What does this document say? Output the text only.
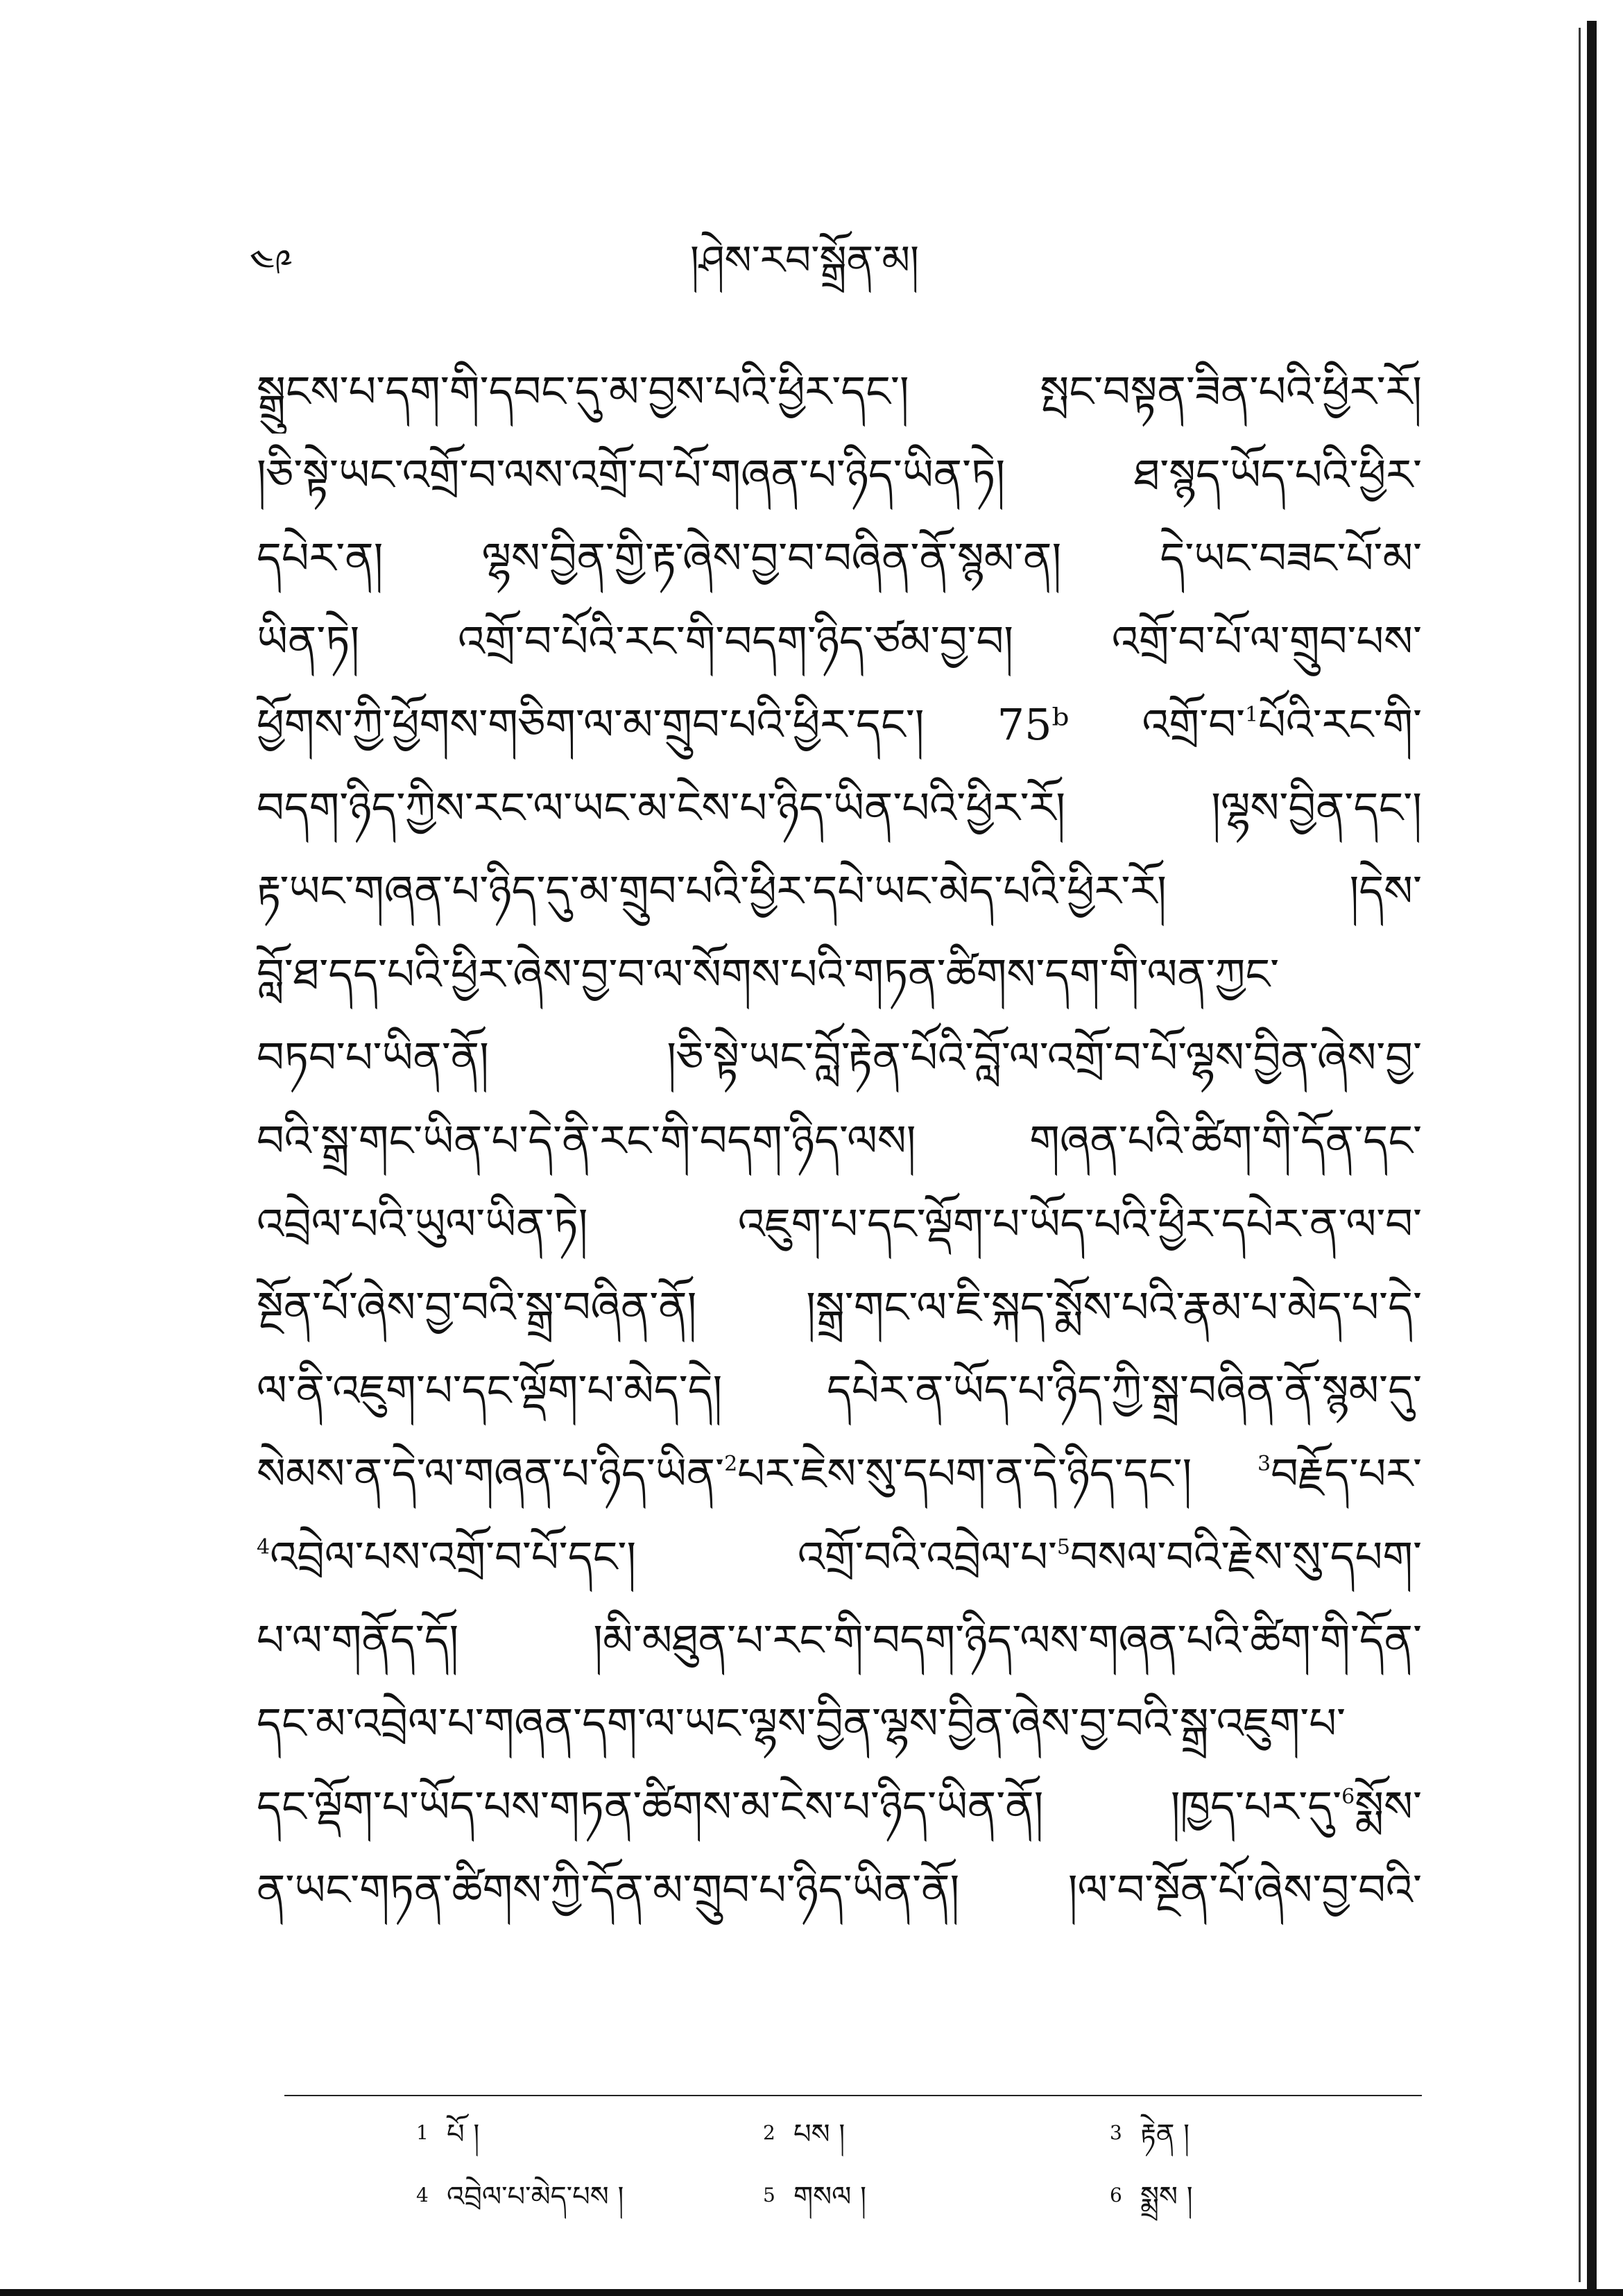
༤༩	།ཤེས་རབ་སྒྲོན་མ།
སྒྲུངས་པ་དག་གི་དབང་དུ་མ་བྱས་པའི་ཕྱིར་དང་། སྤང་བསྟན་ཟིན་པའི་ཕྱིར་རོ།
།ཅི་སྟེ་ཡང་འགྲོ་བ་ལས་འགྲོ་བ་པོ་གཞན་པ་ཉིད་ཡིན་ཏེ། ཐ་སྙད་ཡོད་པའི་ཕྱིར་
དཔེར་ན། ལྷས་བྱིན་གྱི་རྟ་ཞེས་བྱ་བ་བཞིན་ནོ་སྙམ་ན། དེ་ཡང་བཟང་པོ་མ་
ཡིན་ཏེ། འགྲོ་བ་པོའི་རང་གི་བདག་ཉིད་ཙམ་བྱ་བ། འགྲོ་བ་པོ་ལ་གྲུབ་པས་
ཕྱོགས་ཀྱི་ཕྱོགས་གཅིག་ལ་མ་གྲུབ་པའི་ཕྱིར་དང་། 75ᵇ འགྲོ་བ་$^1$པོའི་རང་གི་
བདག་ཉིད་ཀྱིས་རང་ལ་ཡང་མ་ངེས་པ་ཉིད་ཡིན་པའི་ཕྱིར་རོ། །ལྷས་བྱིན་དང་།
རྟ་ཡང་གཞན་པ་ཉིད་དུ་མ་གྲུབ་པའི་ཕྱིར་དཔེ་ཡང་མེད་པའི་ཕྱིར་རོ། །དེས་
བློ་ཐ་དད་པའི་ཕྱིར་ཞེས་བྱ་བ་ལ་སོགས་པའི་གཏན་ཚིགས་དག་གི་ལན་ཀྱང་
བཏབ་པ་ཡིན་ནོ། །ཅི་སྟེ་ཡང་བློ་རྟེན་པོའི་བློ་ལ་འགྲོ་བ་པོ་ལྷས་བྱིན་ཞེས་བྱ་
བའི་སྒྲ་གང་ཡིན་པ་དེ་ནི་རང་གི་བདག་ཉིད་ལས། གཞན་པའི་ཚིག་གི་དོན་དང་
འབྲེལ་པའི་ཡུལ་ཡིན་ཏེ། འཇུག་པ་དང་ལྡོག་པ་ཡོད་པའི་ཕྱིར་དཔེར་ན་ལ་བ་
སྔོན་པོ་ཞེས་བྱ་བའི་སྒྲ་བཞིན་ནོ། །སྒྲ་གང་ལ་ཇི་སྐད་སྨོས་པའི་རྣམ་པ་མེད་པ་དེ་
ལ་ནི་འཇུག་པ་དང་ལྡོག་པ་མེད་དེ། དཔེར་ན་ཡོད་པ་ཉིད་ཀྱི་སྒྲ་བཞིན་ནོ་སྙམ་དུ་
སེམས་ན་དེ་ལ་གཞན་པ་ཉིད་ཡིན་$^2$པར་ཇེས་སུ་དཔག་ན་དེ་ཉིད་དང་། $^3$བརྗོད་པར་
$^4$འབྲེལ་པས་འགྲོ་བ་པོ་དང་། འགྲོ་བའི་འབྲེལ་པ་$^5$བསལ་བའི་རྗེས་སུ་དཔག་
པ་ལ་གནོད་དོ། །མི་མཐུན་པ་རང་གི་བདག་ཉིད་ལས་གཞན་པའི་ཚིག་གི་དོན་
དང་མ་འབྲེལ་པ་གཞན་དག་ལ་ཡང་ལྷས་བྱིན་ལྷས་བྱིན་ཞེས་བྱ་བའི་སྒྲ་འཇུག་པ་
དང་ལྡོག་པ་ཡོད་པས་གཏན་ཚིགས་མ་ངེས་པ་ཉིད་ཡིན་ནོ། །ཁྱད་པར་དུ་$^6$སྨོས་
ན་ཡང་གཏན་ཚིགས་ཀྱི་དོན་མ་གྲུབ་པ་ཉིད་ཡིན་ནོ། །ལ་བ་སྔོན་པོ་ཞེས་བྱ་བའི་
1 པོ །	2 པས །	3 རྟེན །
4 འབྲེལ་པ་མེད་པས །	5 གསལ །	6 སྨྲས །
